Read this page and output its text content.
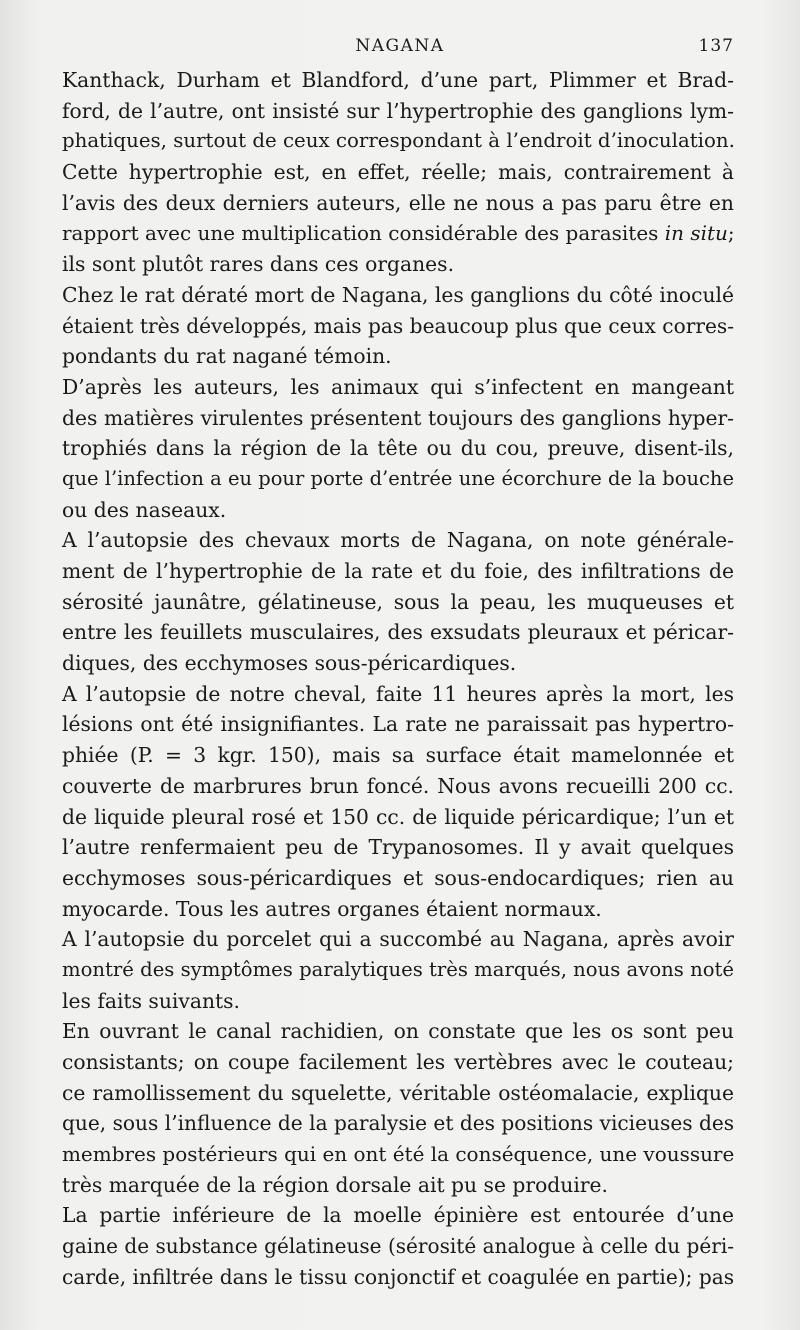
NAGANA	137

Kanthack, Durham et Blandford, d’une part, Plimmer et Brad-

ford, de l’autre, ont insisté sur l’hypertrophie des ganglions lym-

phatiques, surtout de ceux correspondant à l’endroit d’inoculation.

Cette hypertrophie est, en effet, réelle; mais, contrairement à

l’avis des deux derniers auteurs, elle ne nous a pas paru être en

rapport avec une multiplication considérable des parasites in situ;

ils sont plutôt rares dans ces organes.

Chez le rat dératé mort de Nagana, les ganglions du côté inoculé

étaient très développés, mais pas beaucoup plus que ceux corres-

pondants du rat nagané témoin.

D’après les auteurs, les animaux qui s’infectent en mangeant

des matières virulentes présentent toujours des ganglions hyper-

trophiés dans la région de la tête ou du cou, preuve, disent-ils,

que l’infection a eu pour porte d’entrée une écorchure de la bouche

ou des naseaux.

A l’autopsie des chevaux morts de Nagana, on note générale-

ment de l’hypertrophie de la rate et du foie, des infiltrations de

sérosité jaunâtre, gélatineuse, sous la peau, les muqueuses et

entre les feuillets musculaires, des exsudats pleuraux et péricar-

diques, des ecchymoses sous-péricardiques.

A l’autopsie de notre cheval, faite 11 heures après la mort, les

lésions ont été insignifiantes. La rate ne paraissait pas hypertro-

phiée (P. = 3 kgr. 150), mais sa surface était mamelonnée et

couverte de marbrures brun foncé. Nous avons recueilli 200 cc.

de liquide pleural rosé et 150 cc. de liquide péricardique; l’un et

l’autre renfermaient peu de Trypanosomes. Il y avait quelques

ecchymoses sous-péricardiques et sous-endocardiques; rien au

myocarde. Tous les autres organes étaient normaux.

A l’autopsie du porcelet qui a succombé au Nagana, après avoir

montré des symptômes paralytiques très marqués, nous avons noté

les faits suivants.

En ouvrant le canal rachidien, on constate que les os sont peu

consistants; on coupe facilement les vertèbres avec le couteau;

ce ramollissement du squelette, véritable ostéomalacie, explique

que, sous l’influence de la paralysie et des positions vicieuses des

membres postérieurs qui en ont été la conséquence, une voussure

très marquée de la région dorsale ait pu se produire.

La partie inférieure de la moelle épinière est entourée d’une

gaine de substance gélatineuse (sérosité analogue à celle du péri-

carde, infiltrée dans le tissu conjonctif et coagulée en partie); pas
